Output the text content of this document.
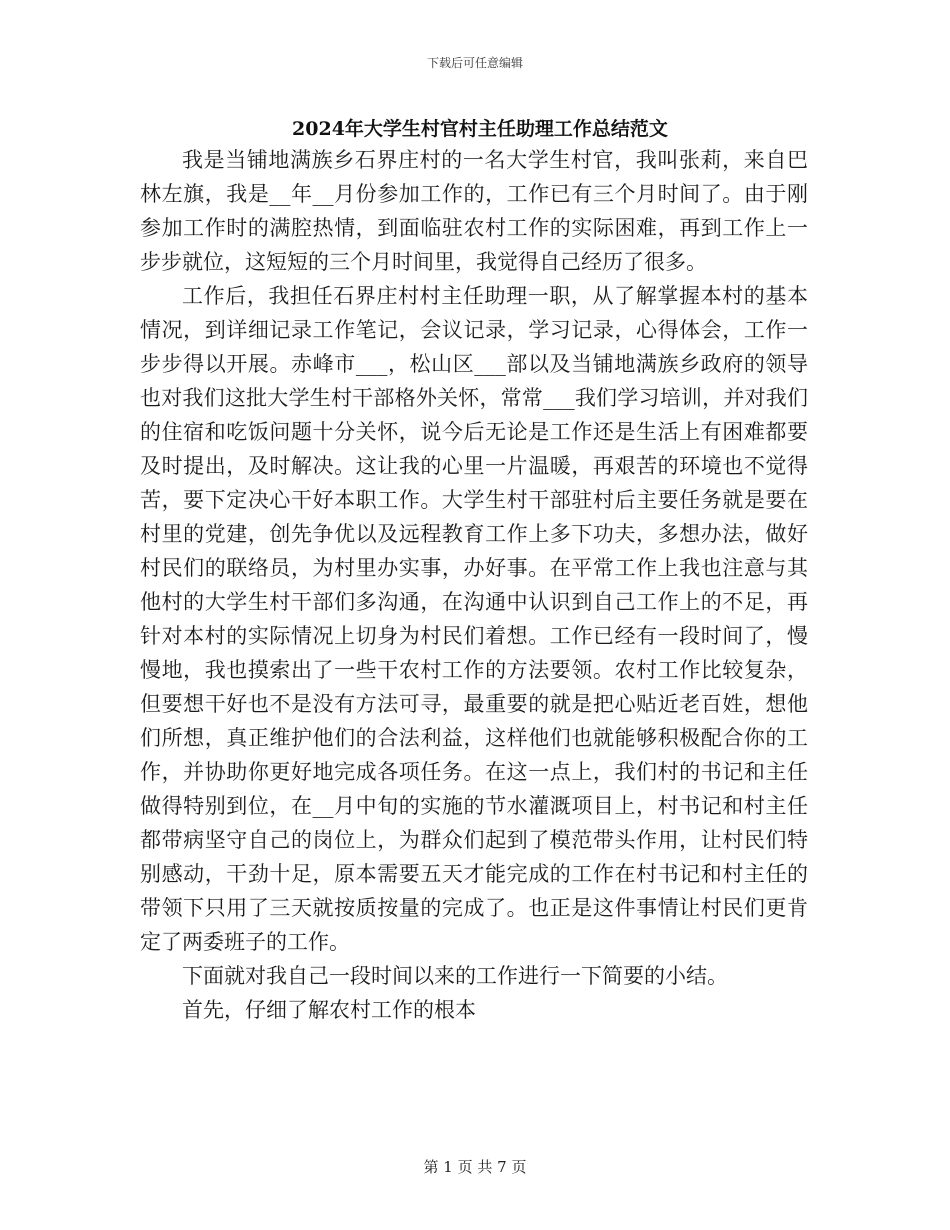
下载后可任意编辑
2024年大学生村官村主任助理工作总结范文

我是当铺地满族乡石界庄村的一名大学生村官，我叫张莉，来自巴林左旗，我是__年__月份参加工作的，工作已有三个月时间了。由于刚参加工作时的满腔热情，到面临驻农村工作的实际困难，再到工作上一步步就位，这短短的三个月时间里，我觉得自己经历了很多。

工作后，我担任石界庄村村主任助理一职，从了解掌握本村的基本情况，到详细记录工作笔记，会议记录，学习记录，心得体会，工作一步步得以开展。赤峰市___，松山区___部以及当铺地满族乡政府的领导也对我们这批大学生村干部格外关怀，常常___我们学习培训，并对我们的住宿和吃饭问题十分关怀，说今后无论是工作还是生活上有困难都要及时提出，及时解决。这让我的心里一片温暖，再艰苦的环境也不觉得苦，要下定决心干好本职工作。大学生村干部驻村后主要任务就是要在村里的党建，创先争优以及远程教育工作上多下功夫，多想办法，做好村民们的联络员，为村里办实事，办好事。在平常工作上我也注意与其他村的大学生村干部们多沟通，在沟通中认识到自己工作上的不足，再针对本村的实际情况上切身为村民们着想。工作已经有一段时间了，慢慢地，我也摸索出了一些干农村工作的方法要领。农村工作比较复杂，但要想干好也不是没有方法可寻，最重要的就是把心贴近老百姓，想他们所想，真正维护他们的合法利益，这样他们也就能够积极配合你的工作，并协助你更好地完成各项任务。在这一点上，我们村的书记和主任做得特别到位，在__月中旬的实施的节水灌溉项目上，村书记和村主任都带病坚守自己的岗位上，为群众们起到了模范带头作用，让村民们特别感动，干劲十足，原本需要五天才能完成的工作在村书记和村主任的带领下只用了三天就按质按量的完成了。也正是这件事情让村民们更肯定了两委班子的工作。

下面就对我自己一段时间以来的工作进行一下简要的小结。

首先，仔细了解农村工作的根本

第 1 页 共 7 页
